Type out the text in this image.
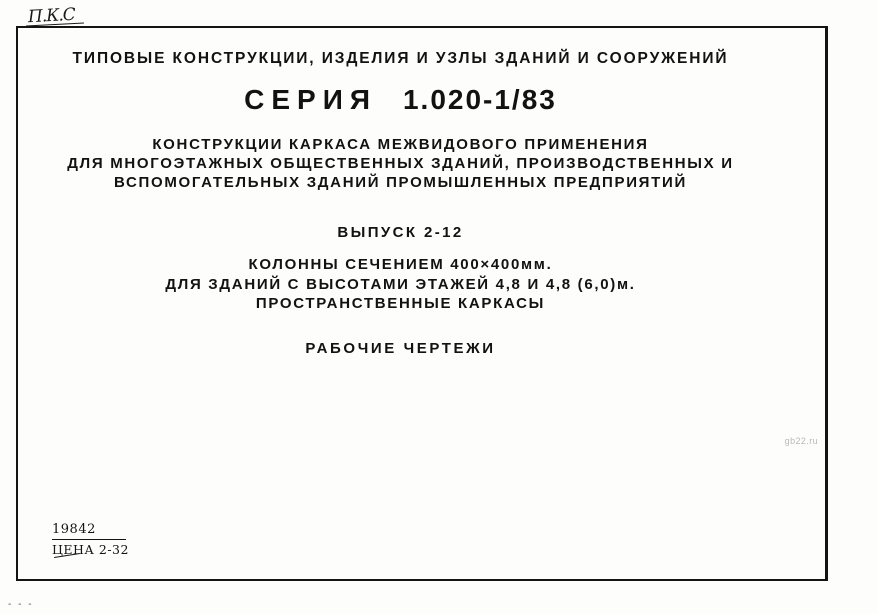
П.К.С
ТИПОВЫЕ КОНСТРУКЦИИ, ИЗДЕЛИЯ И УЗЛЫ ЗДАНИЙ И СООРУЖЕНИЙ
СЕРИЯ 1.020-1/83
КОНСТРУКЦИИ КАРКАСА МЕЖВИДОВОГО ПРИМЕНЕНИЯ
ДЛЯ МНОГОЭТАЖНЫХ ОБЩЕСТВЕННЫХ ЗДАНИЙ, ПРОИЗВОДСТВЕННЫХ И
ВСПОМОГАТЕЛЬНЫХ ЗДАНИЙ ПРОМЫШЛЕННЫХ ПРЕДПРИЯТИЙ
ВЫПУСК 2-12
КОЛОННЫ СЕЧЕНИЕМ 400×400мм.
ДЛЯ ЗДАНИЙ С ВЫСОТАМИ ЭТАЖЕЙ 4,8 И 4,8 (6,0)м.
ПРОСТРАНСТВЕННЫЕ КАРКАСЫ
РАБОЧИЕ ЧЕРТЕЖИ
gb22.ru
19842
ЦЕНА 2-32
- - -
